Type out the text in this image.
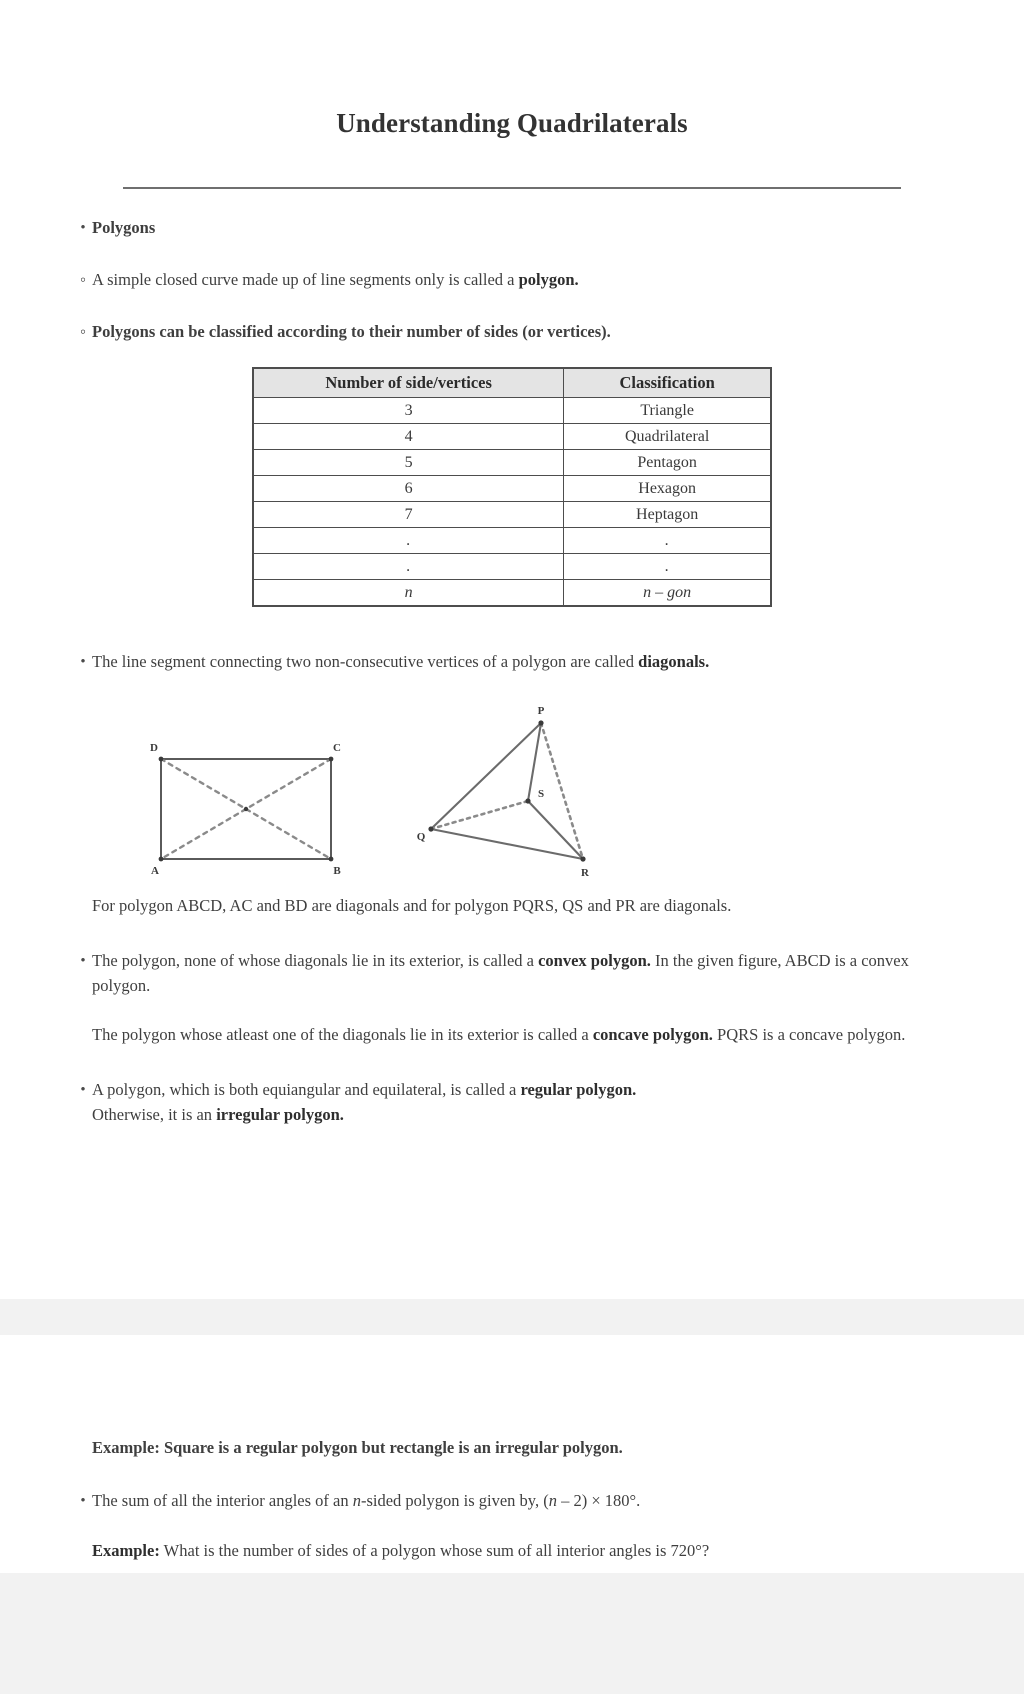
Understanding Quadrilaterals
•
Polygons
◦
A simple closed curve made up of line segments only is called a polygon.
◦
Polygons can be classified according to their number of sides (or vertices).
Number of side/vertices	Classification
3	Triangle
4	Quadrilateral
5	Pentagon
6	Hexagon
7	Heptagon
.	.
.	.
n	n – gon
•
The line segment connecting two non-consecutive vertices of a polygon are called diagonals.
D	C
A	B
P
Q
R
S
For polygon ABCD, AC and BD are diagonals and for polygon PQRS, QS and PR are diagonals.
•
The polygon, none of whose diagonals lie in its exterior, is called a convex polygon. In the given figure, ABCD is a convex polygon.
The polygon whose atleast one of the diagonals lie in its exterior is called a concave polygon. PQRS is a concave polygon.
•
A polygon, which is both equiangular and equilateral, is called a regular polygon. Otherwise, it is an irregular polygon.
Example: Square is a regular polygon but rectangle is an irregular polygon.
•
The sum of all the interior angles of an n-sided polygon is given by, (n – 2) × 180°.
Example: What is the number of sides of a polygon whose sum of all interior angles is 720°?
